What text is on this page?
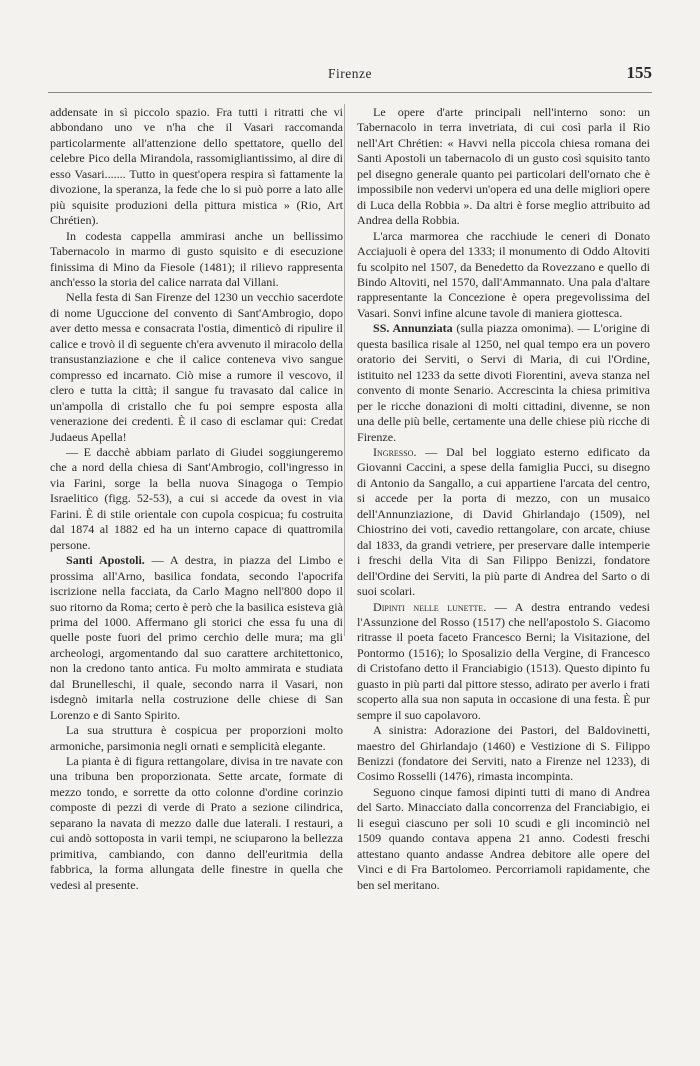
Firenze	155

addensate in sì piccolo spazio. Fra tutti i ritratti che vi abbondano uno ve n'ha che il Vasari raccomanda particolarmente all'attenzione dello spettatore, quello del celebre Pico della Mirandola, rassomigliantissimo, al dire di esso Vasari....... Tutto in quest'opera respira sì fattamente la divozione, la speranza, la fede che lo si può porre a lato alle più squisite produzioni della pittura mistica » (Rio, Art Chrétien).

In codesta cappella ammirasi anche un bellissimo Tabernacolo in marmo di gusto squisito e di esecuzione finissima di Mino da Fiesole (1481); il rilievo rappresenta anch'esso la storia del calice narrata dal Villani.

Nella festa di San Firenze del 1230 un vecchio sacerdote di nome Uguccione del convento di Sant'Ambrogio, dopo aver detto messa e consacrata l'ostia, dimenticò di ripulire il calice e trovò il dì seguente ch'era avvenuto il miracolo della transustanziazione e che il calice conteneva vivo sangue compresso ed incarnato. Ciò mise a rumore il vescovo, il clero e tutta la città; il sangue fu travasato dal calice in un'ampolla di cristallo che fu poi sempre esposta alla venerazione dei credenti. È il caso di esclamar qui: Credat Judaeus Apella!

— E dacchè abbiam parlato di Giudei soggiungeremo che a nord della chiesa di Sant'Ambrogio, coll'ingresso in via Farini, sorge la bella nuova Sinagoga o Tempio Israelitico (figg. 52-53), a cui si accede da ovest in via Farini. È di stile orientale con cupola cospicua; fu costruita dal 1874 al 1882 ed ha un interno capace di quattromila persone.

Santi Apostoli. — A destra, in piazza del Limbo e prossima all'Arno, basilica fondata, secondo l'apocrifa iscrizione nella facciata, da Carlo Magno nell'800 dopo il suo ritorno da Roma; certo è però che la basilica esisteva già prima del 1000. Affermano gli storici che essa fu una di quelle poste fuori del primo cerchio delle mura; ma gli archeologi, argomentando dal suo carattere architettonico, non la credono tanto antica. Fu molto ammirata e studiata dal Brunelleschi, il quale, secondo narra il Vasari, non isdegnò imitarla nella costruzione delle chiese di San Lorenzo e di Santo Spirito.

La sua struttura è cospicua per proporzioni molto armoniche, parsimonia negli ornati e semplicità elegante.

La pianta è di figura rettangolare, divisa in tre navate con una tribuna ben proporzionata. Sette arcate, formate di mezzo tondo, e sorrette da otto colonne d'ordine corinzio composte di pezzi di verde di Prato a sezione cilindrica, separano la navata di mezzo dalle due laterali. I restauri, a cui andò sottoposta in varii tempi, ne sciuparono la bellezza primitiva, cambiando, con danno dell'euritmia della fabbrica, la forma allungata delle finestre in quella che vedesi al presente.

Le opere d'arte principali nell'interno sono: un Tabernacolo in terra invetriata, di cui così parla il Rio nell'Art Chrétien: « Havvi nella piccola chiesa romana dei Santi Apostoli un tabernacolo di un gusto così squisito tanto pel disegno generale quanto pei particolari dell'ornato che è impossibile non vedervi un'opera ed una delle migliori opere di Luca della Robbia ». Da altri è forse meglio attribuito ad Andrea della Robbia.

L'arca marmorea che racchiude le ceneri di Donato Acciajuoli è opera del 1333; il monumento di Oddo Altoviti fu scolpito nel 1507, da Benedetto da Rovezzano e quello di Bindo Altoviti, nel 1570, dall'Ammannato. Una pala d'altare rappresentante la Concezione è opera pregevolissima del Vasari. Sonvi infine alcune tavole di maniera giottesca.

SS. Annunziata (sulla piazza omonima). — L'origine di questa basilica risale al 1250, nel qual tempo era un povero oratorio dei Serviti, o Servi di Maria, di cui l'Ordine, istituito nel 1233 da sette divoti Fiorentini, aveva stanza nel convento di monte Senario. Accrescinta la chiesa primitiva per le ricche donazioni di molti cittadini, divenne, se non una delle più belle, certamente una delle chiese più ricche di Firenze.

Ingresso. — Dal bel loggiato esterno edificato da Giovanni Caccini, a spese della famiglia Pucci, su disegno di Antonio da Sangallo, a cui appartiene l'arcata del centro, si accede per la porta di mezzo, con un musaico dell'Annunziazione, di David Ghirlandajo (1509), nel Chiostrino dei voti, cavedio rettangolare, con arcate, chiuse dal 1833, da grandi vetriere, per preservare dalle intemperie i freschi della Vita di San Filippo Benizzi, fondatore dell'Ordine dei Serviti, la più parte di Andrea del Sarto o di suoi scolari.

Dipinti nelle lunette. — A destra entrando vedesi l'Assunzione del Rosso (1517) che nell'apostolo S. Giacomo ritrasse il poeta faceto Francesco Berni; la Visitazione, del Pontormo (1516); lo Sposalizio della Vergine, di Francesco di Cristofano detto il Franciabigio (1513). Questo dipinto fu guasto in più parti dal pittore stesso, adirato per averlo i frati scoperto alla sua non saputa in occasione di una festa. È pur sempre il suo capolavoro.

A sinistra: Adorazione dei Pastori, del Baldovinetti, maestro del Ghirlandajo (1460) e Vestizione di S. Filippo Benizzi (fondatore dei Serviti, nato a Firenze nel 1233), di Cosimo Rosselli (1476), rimasta incompinta.

Seguono cinque famosi dipinti tutti di mano di Andrea del Sarto. Minacciato dalla concorrenza del Franciabigio, ei li eseguì ciascuno per soli 10 scudi e gli incominciò nel 1509 quando contava appena 21 anno. Codesti freschi attestano quanto andasse Andrea debitore alle opere del Vinci e di Fra Bartolomeo. Percorriamoli rapidamente, che ben sel meritano.
